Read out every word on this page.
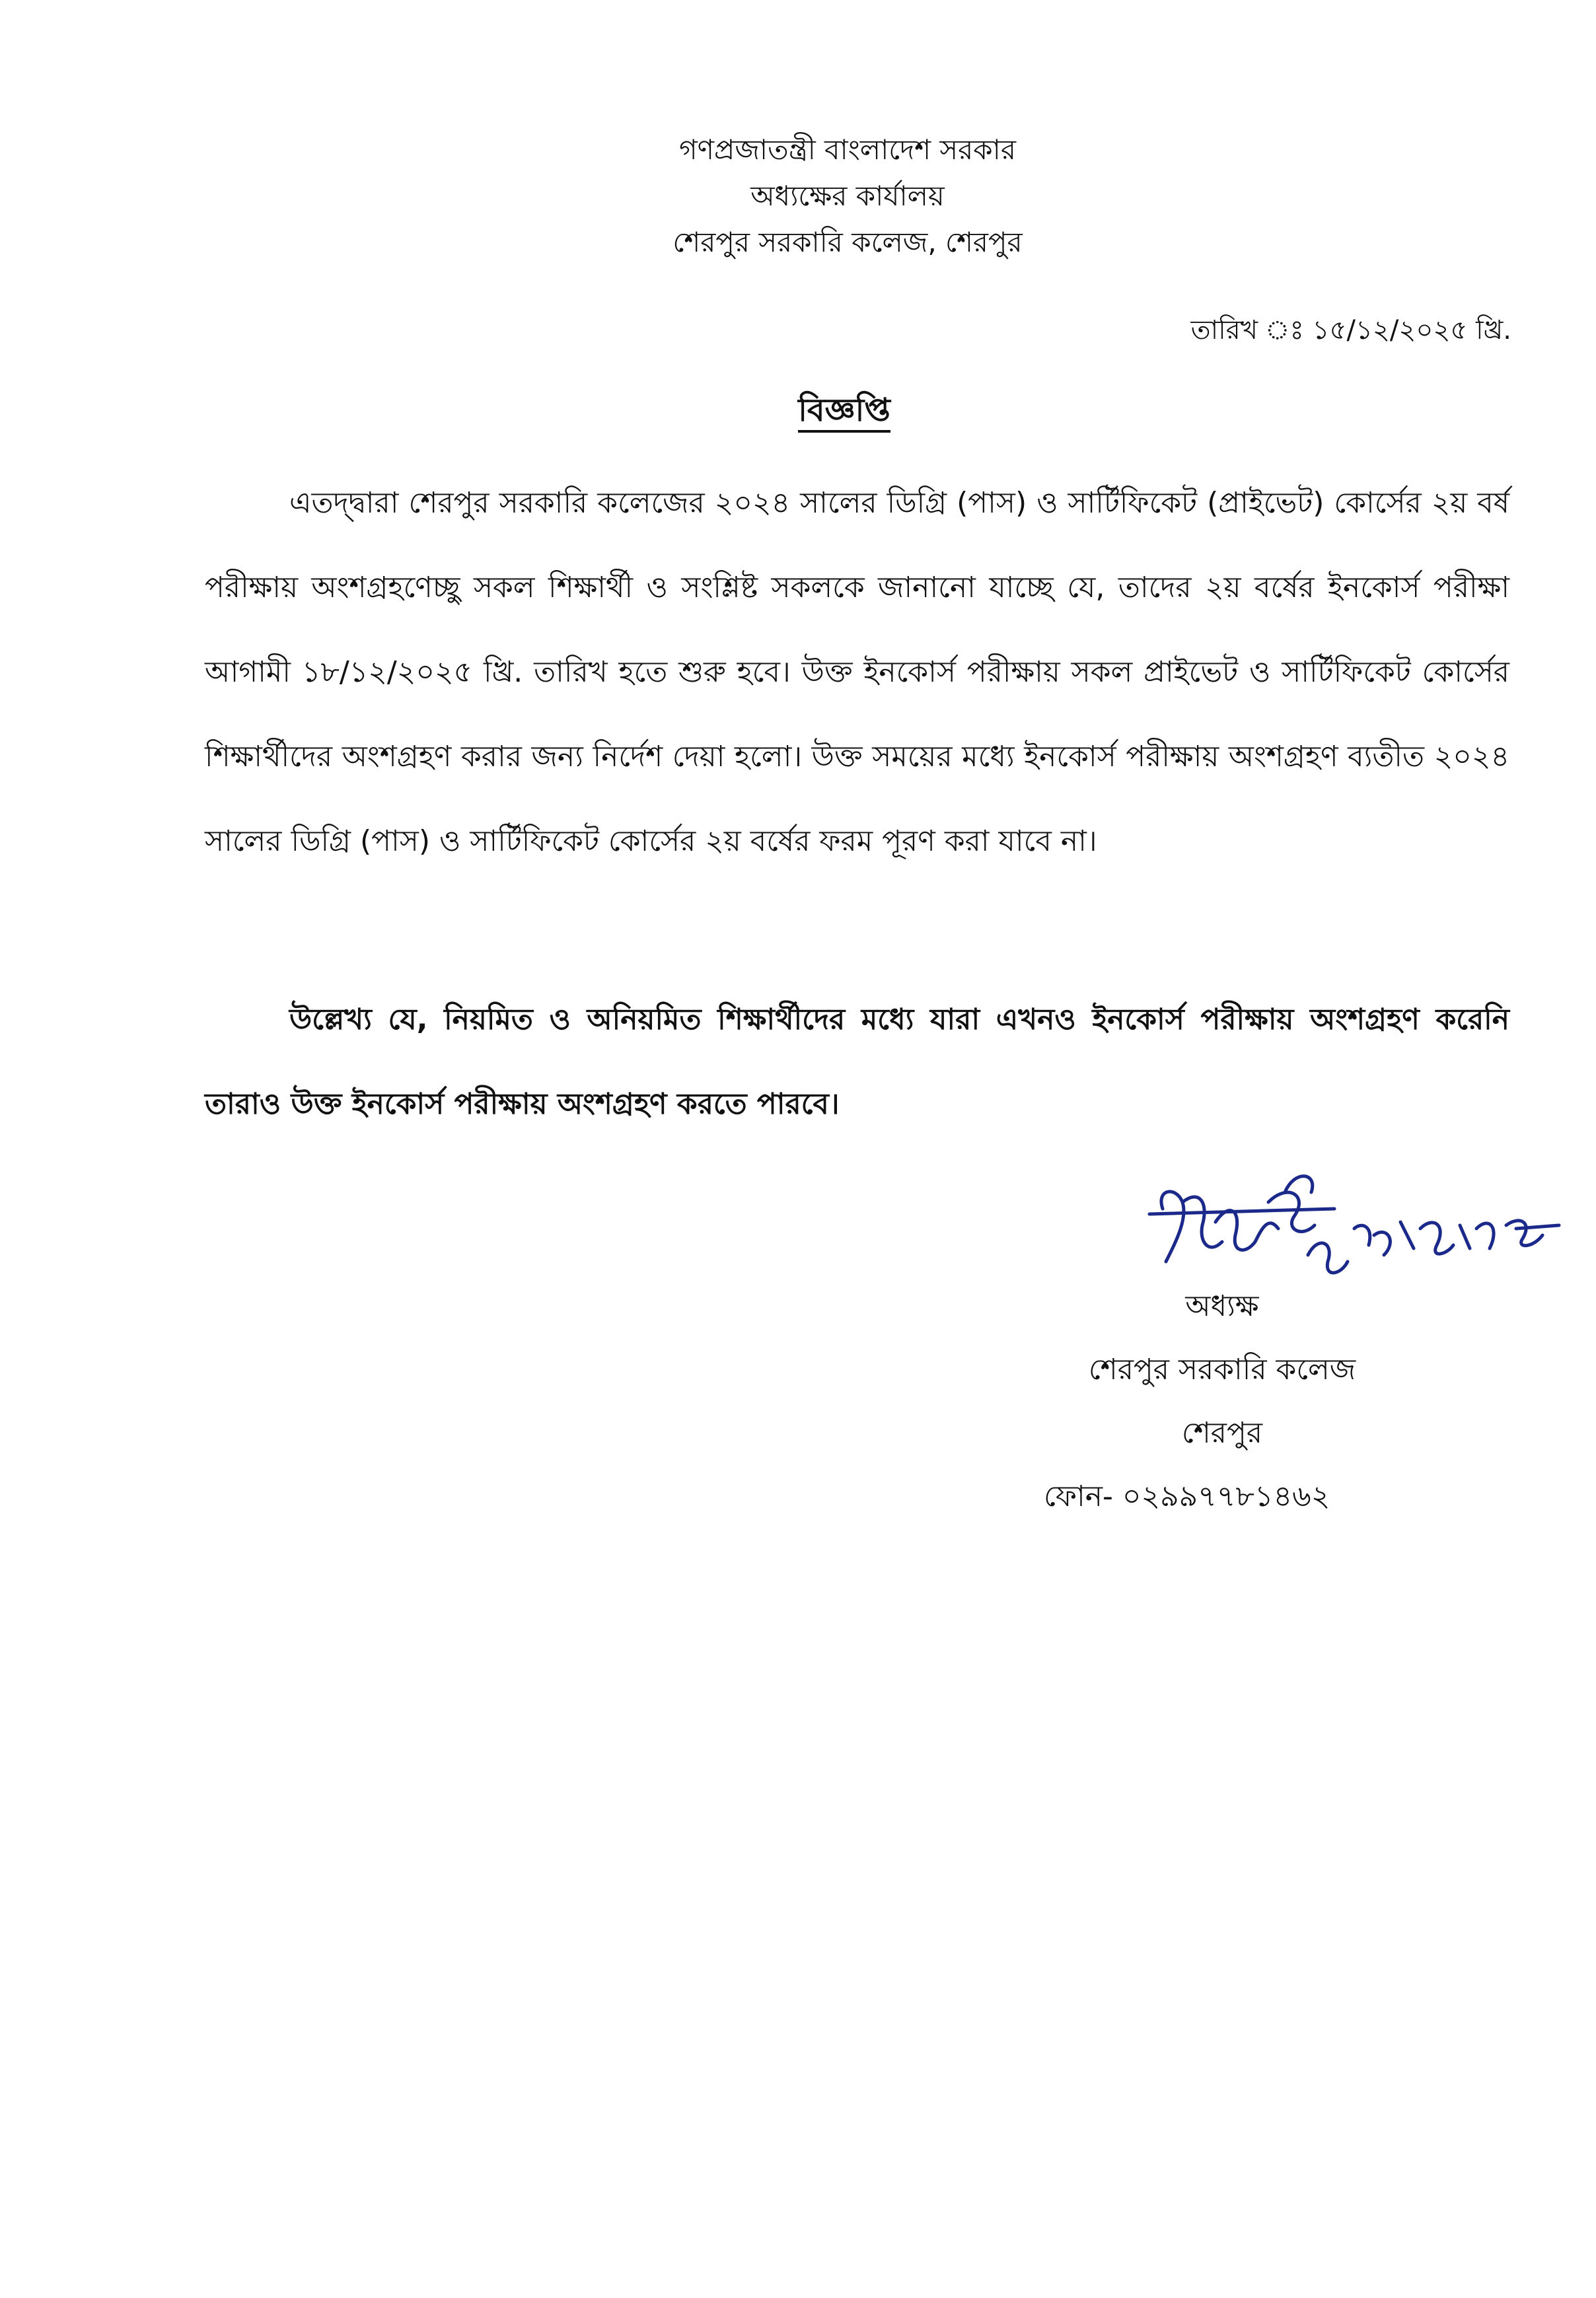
গণপ্রজাতন্ত্রী বাংলাদেশ সরকার
অধ্যক্ষের কার্যালয়
শেরপুর সরকারি কলেজ, শেরপুর
তারিখ ঃ ১৫/১২/২০২৫ খ্রি.
বিজ্ঞপ্তি

এতদ্দ্বারা শেরপুর সরকারি কলেজের ২০২৪ সালের ডিগ্রি (পাস) ও সার্টিফিকেট (প্রাইভেট) কোর্সের ২য় বর্ষ পরীক্ষায় অংশগ্রহণেচ্ছু সকল শিক্ষার্থী ও সংশ্লিষ্ট সকলকে জানানো যাচ্ছে যে, তাদের ২য় বর্ষের ইনকোর্স পরীক্ষা আগামী ১৮/১২/২০২৫ খ্রি. তারিখ হতে শুরু হবে। উক্ত ইনকোর্স পরীক্ষায় সকল প্রাইভেট ও সার্টিফিকেট কোর্সের শিক্ষার্থীদের অংশগ্রহণ করার জন্য নির্দেশ দেয়া হলো। উক্ত সময়ের মধ্যে ইনকোর্স পরীক্ষায় অংশগ্রহণ ব্যতীত ২০২৪ সালের ডিগ্রি (পাস) ও সার্টিফিকেট কোর্সের ২য় বর্ষের ফরম পূরণ করা যাবে না।

উল্লেখ্য যে, নিয়মিত ও অনিয়মিত শিক্ষার্থীদের মধ্যে যারা এখনও ইনকোর্স পরীক্ষায় অংশগ্রহণ করেনি তারাও উক্ত ইনকোর্স পরীক্ষায় অংশগ্রহণ করতে পারবে।

১৫/১২/২৫
অধ্যক্ষ
শেরপুর সরকারি কলেজ
শেরপুর
ফোন- ০২৯৯৭৭৮১৪৬২
